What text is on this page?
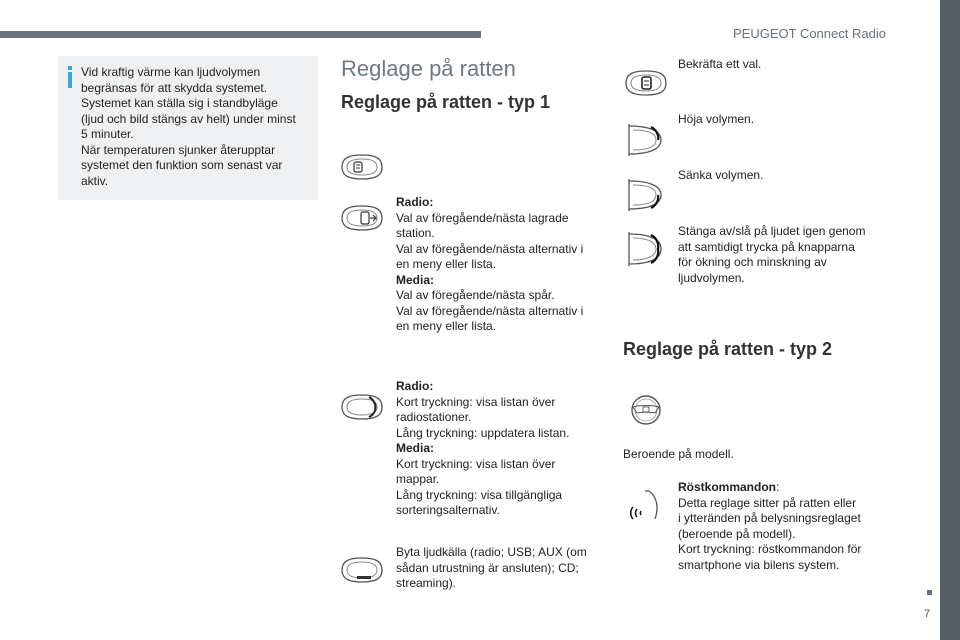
PEUGEOT Connect Radio
7
Vid kraftig värme kan ljudvolymen
begränsas för att skydda systemet.
Systemet kan ställa sig i standbyläge
(ljud och bild stängs av helt) under minst
5 minuter.
När temperaturen sjunker återupptar
systemet den funktion som senast var
aktiv.
Reglage på ratten
Reglage på ratten - typ 1
Radio:
Val av föregående/nästa lagrade
station.
Val av föregående/nästa alternativ i
en meny eller lista.
Media:
Val av föregående/nästa spår.
Val av föregående/nästa alternativ i
en meny eller lista.
Radio:
Kort tryckning: visa listan över
radiostationer.
Lång tryckning: uppdatera listan.
Media:
Kort tryckning: visa listan över
mappar.
Lång tryckning: visa tillgängliga
sorteringsalternativ.
Byta ljudkälla (radio; USB; AUX (om
sådan utrustning är ansluten); CD;
streaming).
Bekräfta ett val.
Höja volymen.
Sänka volymen.
Stänga av/slå på ljudet igen genom
att samtidigt trycka på knapparna
för ökning och minskning av
ljudvolymen.
Reglage på ratten - typ 2
Beroende på modell.
Röstkommandon:
Detta reglage sitter på ratten eller
i ytteränden på belysningsreglaget
(beroende på modell).
Kort tryckning: röstkommandon för
smartphone via bilens system.
